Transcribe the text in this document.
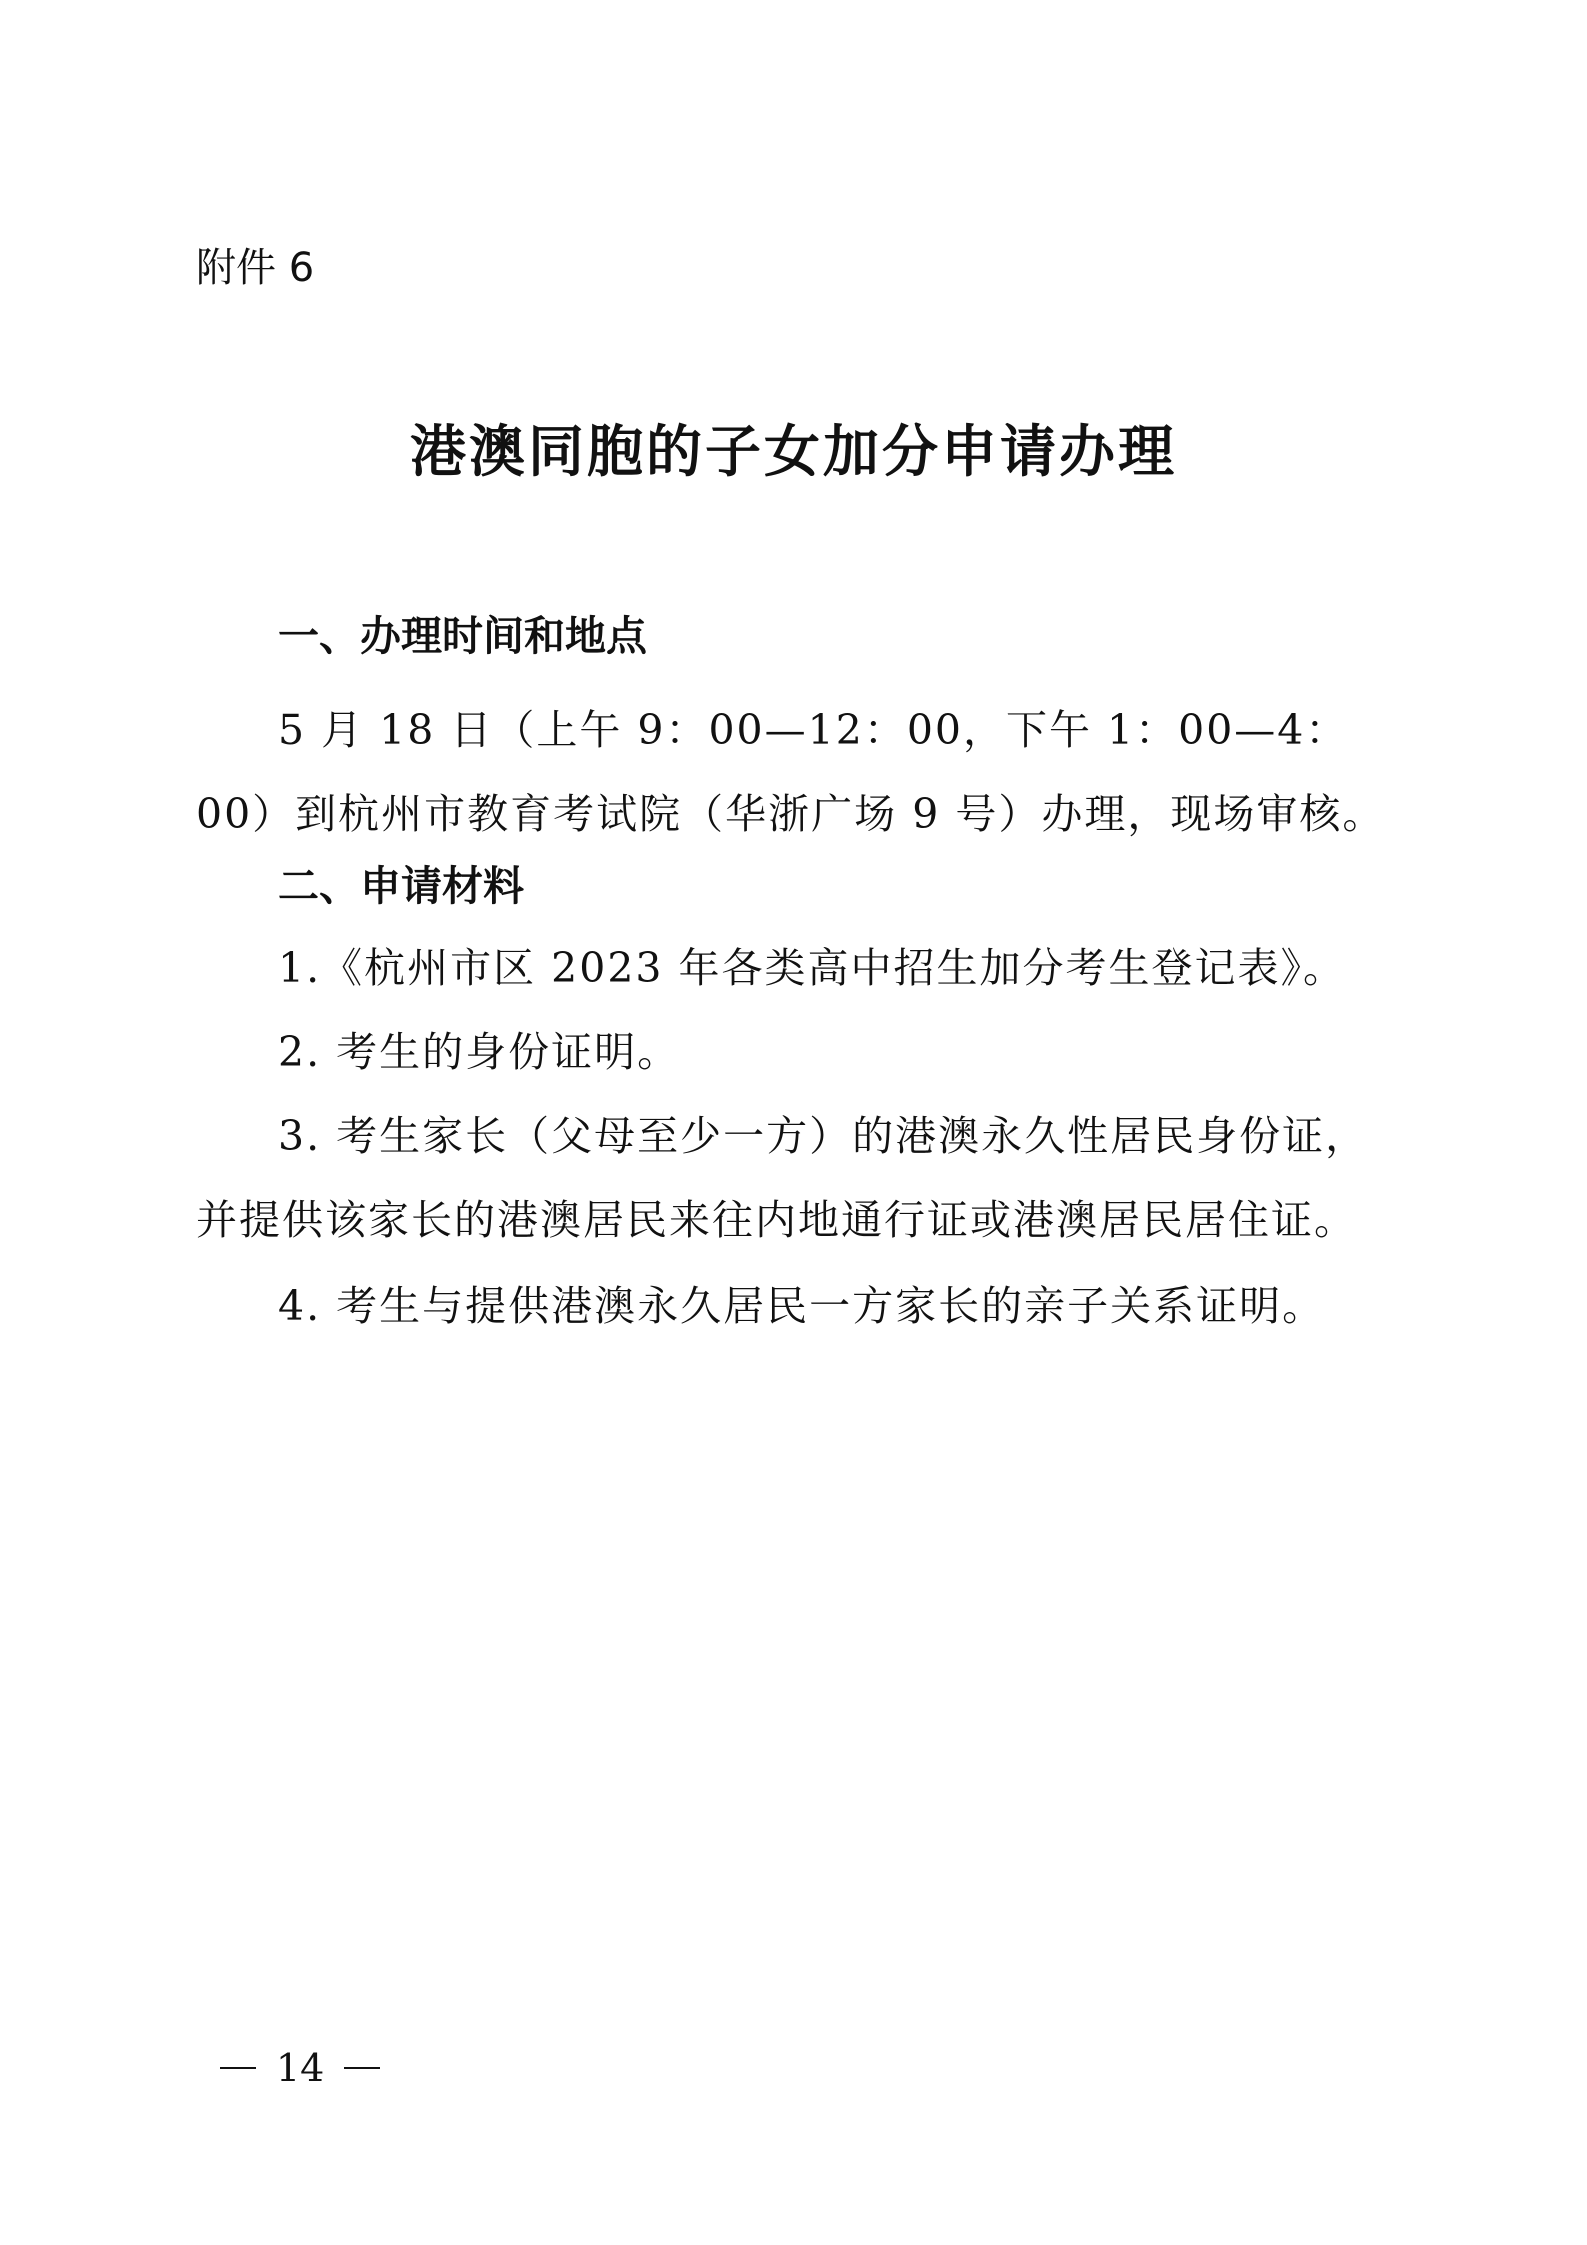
附件 6

港澳同胞的子女加分申请办理
一、办理时间和地点

5 月 18 日（上午 9：00—12：00，下午 1：00—4：00）到杭州市教育考试院（华浙广场 9 号）办理，现场审核。

二、申请材料

1.《杭州市区 2023 年各类高中招生加分考生登记表》。

2. 考生的身份证明。

3. 考生家长（父母至少一方）的港澳永久性居民身份证，并提供该家长的港澳居民来往内地通行证或港澳居民居住证。

4. 考生与提供港澳永久居民一方家长的亲子关系证明。

14
